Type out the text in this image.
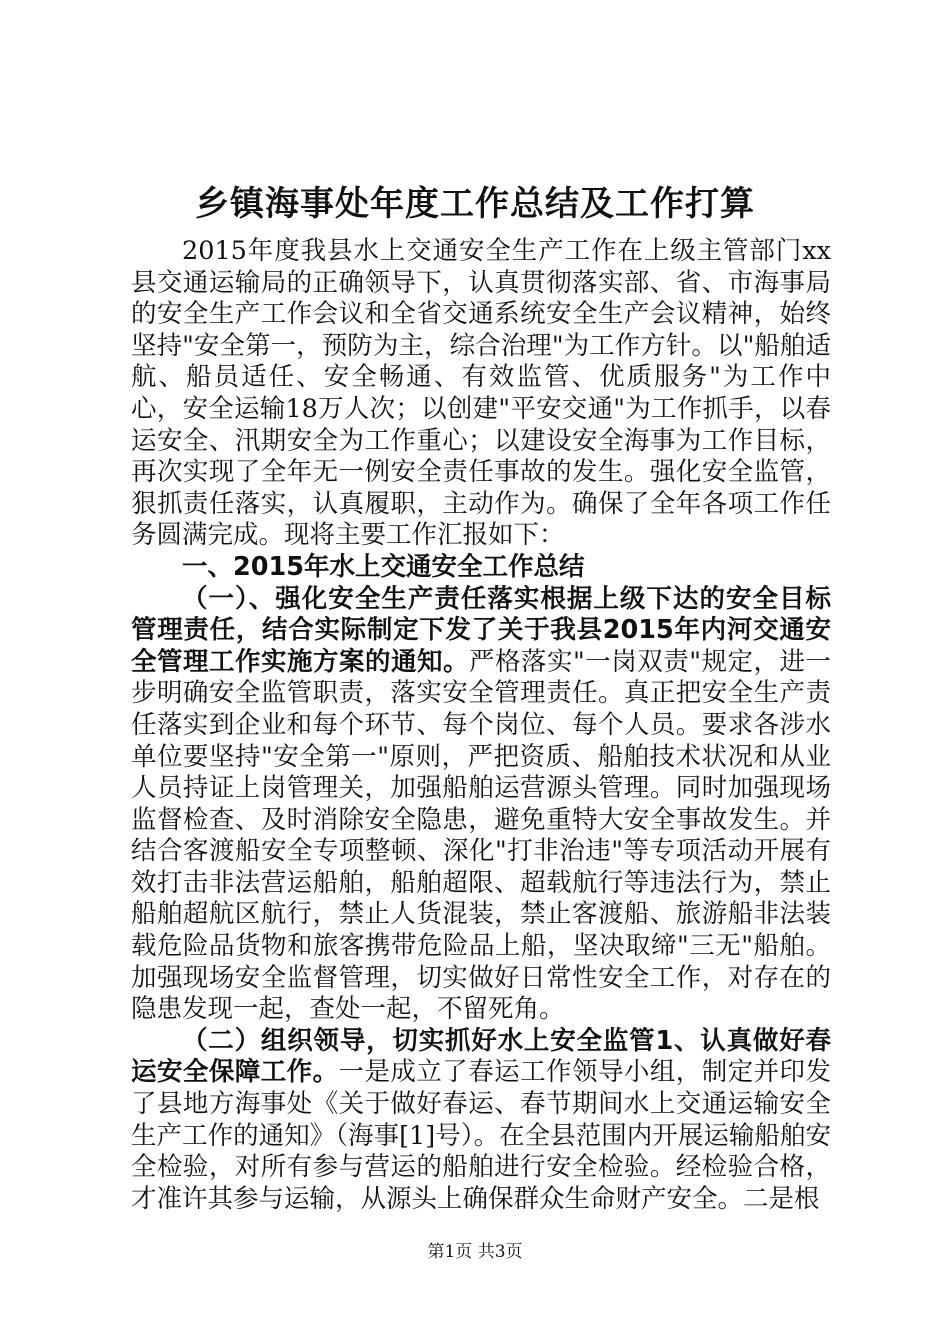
乡镇海事处年度工作总结及工作打算

2015年度我县水上交通安全生产工作在上级主管部门xx县交通运输局的正确领导下，认真贯彻落实部、省、市海事局的安全生产工作会议和全省交通系统安全生产会议精神，始终坚持"安全第一，预防为主，综合治理"为工作方针。以"船舶适航、船员适任、安全畅通、有效监管、优质服务"为工作中心，安全运输18万人次；以创建"平安交通"为工作抓手，以春运安全、汛期安全为工作重心；以建设安全海事为工作目标，再次实现了全年无一例安全责任事故的发生。强化安全监管，狠抓责任落实，认真履职，主动作为。确保了全年各项工作任务圆满完成。现将主要工作汇报如下：

一、2015年水上交通安全工作总结

（一）、强化安全生产责任落实根据上级下达的安全目标管理责任，结合实际制定下发了关于我县2015年内河交通安全管理工作实施方案的通知。严格落实"一岗双责"规定，进一步明确安全监管职责，落实安全管理责任。真正把安全生产责任落实到企业和每个环节、每个岗位、每个人员。要求各涉水单位要坚持"安全第一"原则，严把资质、船舶技术状况和从业人员持证上岗管理关，加强船舶运营源头管理。同时加强现场监督检查、及时消除安全隐患，避免重特大安全事故发生。并结合客渡船安全专项整顿、深化"打非治违"等专项活动开展有效打击非法营运船舶，船舶超限、超载航行等违法行为，禁止船舶超航区航行，禁止人货混装，禁止客渡船、旅游船非法装载危险品货物和旅客携带危险品上船，坚决取缔"三无"船舶。加强现场安全监督管理，切实做好日常性安全工作，对存在的隐患发现一起，查处一起，不留死角。

（二）组织领导，切实抓好水上安全监管1、认真做好春运安全保障工作。一是成立了春运工作领导小组，制定并印发了县地方海事处《关于做好春运、春节期间水上交通运输安全生产工作的通知》（海事[1]号）。在全县范围内开展运输船舶安全检验，对所有参与营运的船舶进行安全检验。经检验合格，才准许其参与运输，从源头上确保群众生命财产安全。二是根

第1页 共3页
